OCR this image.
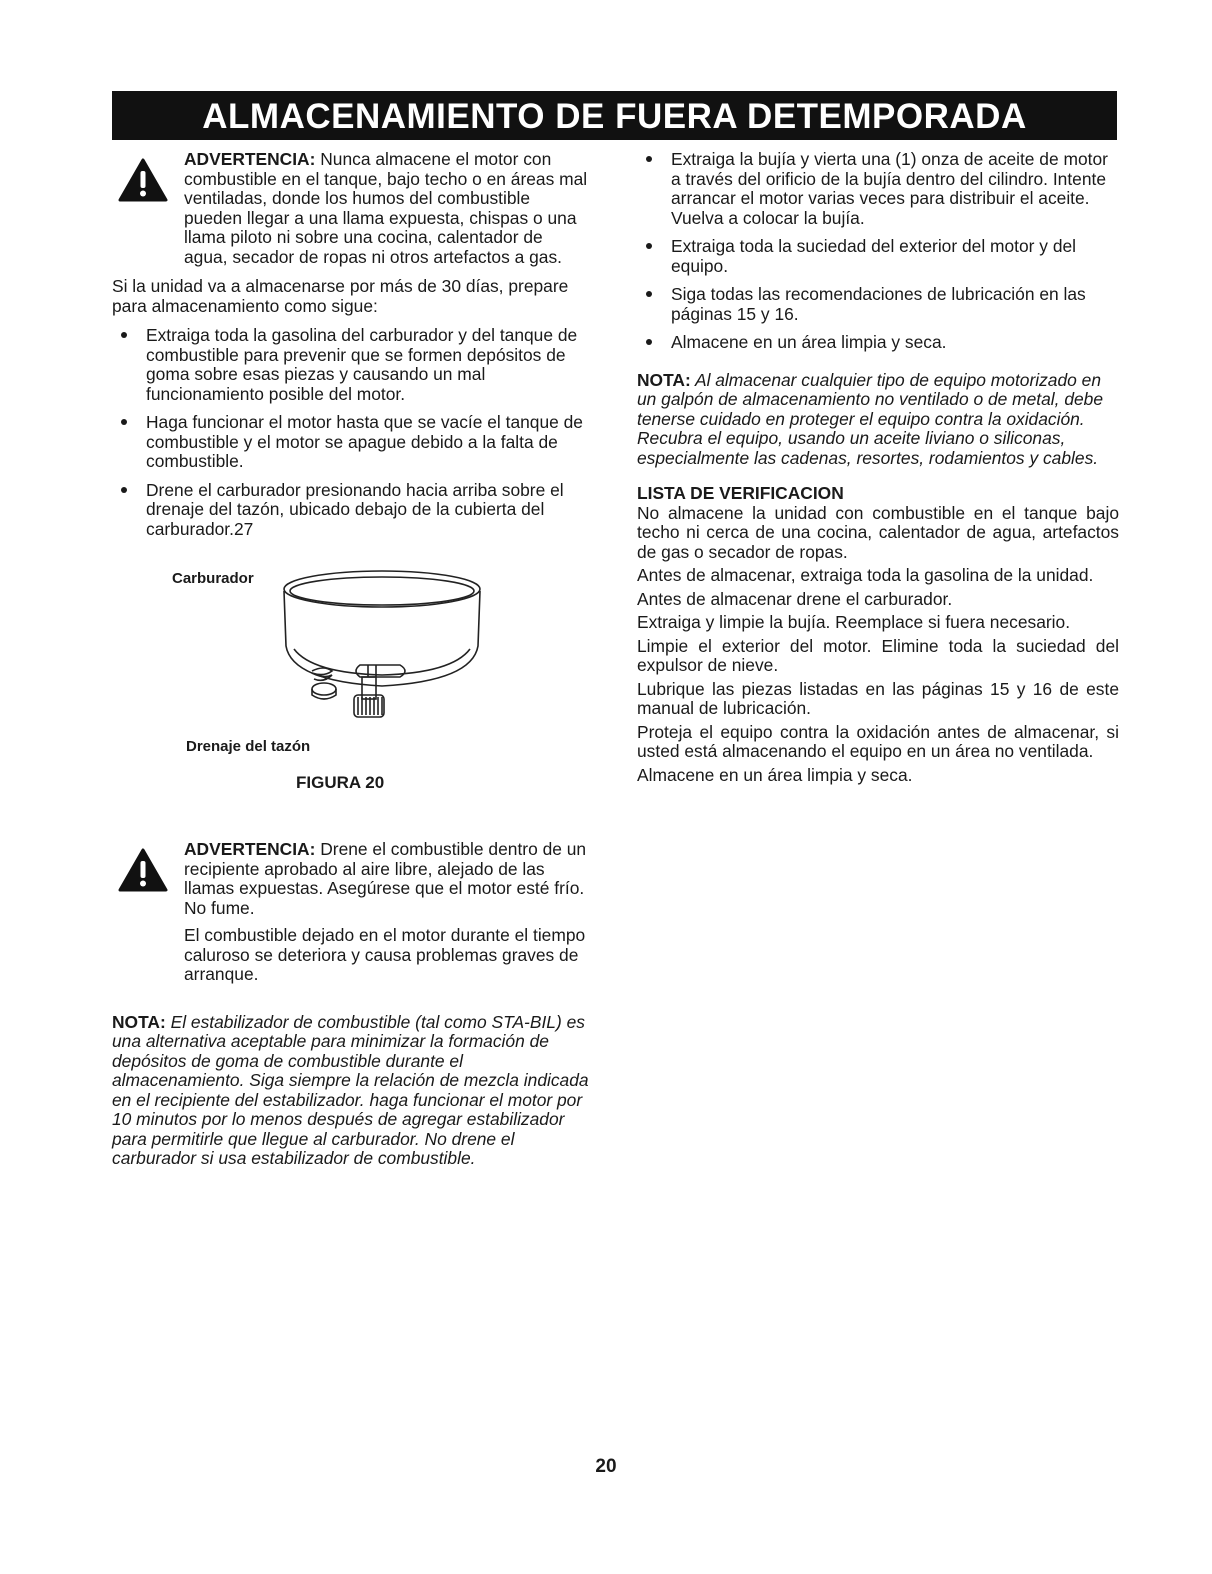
ALMACENAMIENTO DE FUERA DETEMPORADA

ADVERTENCIA: Nunca almacene el motor con combustible en el tanque, bajo techo o en áreas mal ventiladas, donde los humos del combustible pueden llegar a una llama expuesta, chispas o una llama piloto ni sobre una cocina, calentador de agua, secador de ropas ni otros artefactos a gas.

Si la unidad va a almacenarse por más de 30 días, prepare para almacenamiento como sigue:

Extraiga toda la gasolina del carburador y del tanque de combustible para prevenir que se formen depósitos de goma sobre esas piezas y causando un mal funcionamiento posible del motor.
Haga funcionar el motor hasta que se vacíe el tanque de combustible y el motor se apague debido a la falta de combustible.
Drene el carburador presionando hacia arriba sobre el drenaje del tazón, ubicado debajo de la cubierta del carburador.27
Carburador
Drenaje del tazón
FIGURA 20

ADVERTENCIA: Drene el combustible dentro de un recipiente aprobado al aire libre, alejado de las llamas expuestas. Asegúrese que el motor esté frío. No fume.

El combustible dejado en el motor durante el tiempo caluroso se deteriora y causa problemas graves de arranque.

NOTA: El estabilizador de combustible (tal como STA-BIL) es una alternativa aceptable para minimizar la formación de depósitos de goma de combustible durante el almacenamiento. Siga siempre la relación de mezcla indicada en el recipiente del estabilizador. haga funcionar el motor por 10 minutos por lo menos después de agregar estabilizador para permitirle que llegue al carburador. No drene el carburador si usa estabilizador de combustible.

Extraiga la bujía y vierta una (1) onza de aceite de motor a través del orificio de la bujía dentro del cilindro. Intente arrancar el motor varias veces para distribuir el aceite. Vuelva a colocar la bujía.
Extraiga toda la suciedad del exterior del motor y del equipo.
Siga todas las recomendaciones de lubricación en las páginas 15 y 16.
Almacene en un área limpia y seca.

NOTA: Al almacenar cualquier tipo de equipo motorizado en un galpón de almacenamiento no ventilado o de metal, debe tenerse cuidado en proteger el equipo contra la oxidación. Recubra el equipo, usando un aceite liviano o siliconas, especialmente las cadenas, resortes, rodamientos y cables.

LISTA DE VERIFICACION

No almacene la unidad con combustible en el tanque bajo techo ni cerca de una cocina, calentador de agua, artefactos de gas o secador de ropas.

Antes de almacenar, extraiga toda la gasolina de la unidad.

Antes de almacenar drene el carburador.

Extraiga y limpie la bujía. Reemplace si fuera necesario.

Limpie el exterior del motor. Elimine toda la suciedad del expulsor de nieve.

Lubrique las piezas listadas en las páginas 15 y 16 de este manual de lubricación.

Proteja el equipo contra la oxidación antes de almacenar, si usted está almacenando el equipo en un área no ventilada.

Almacene en un área limpia y seca.

20
